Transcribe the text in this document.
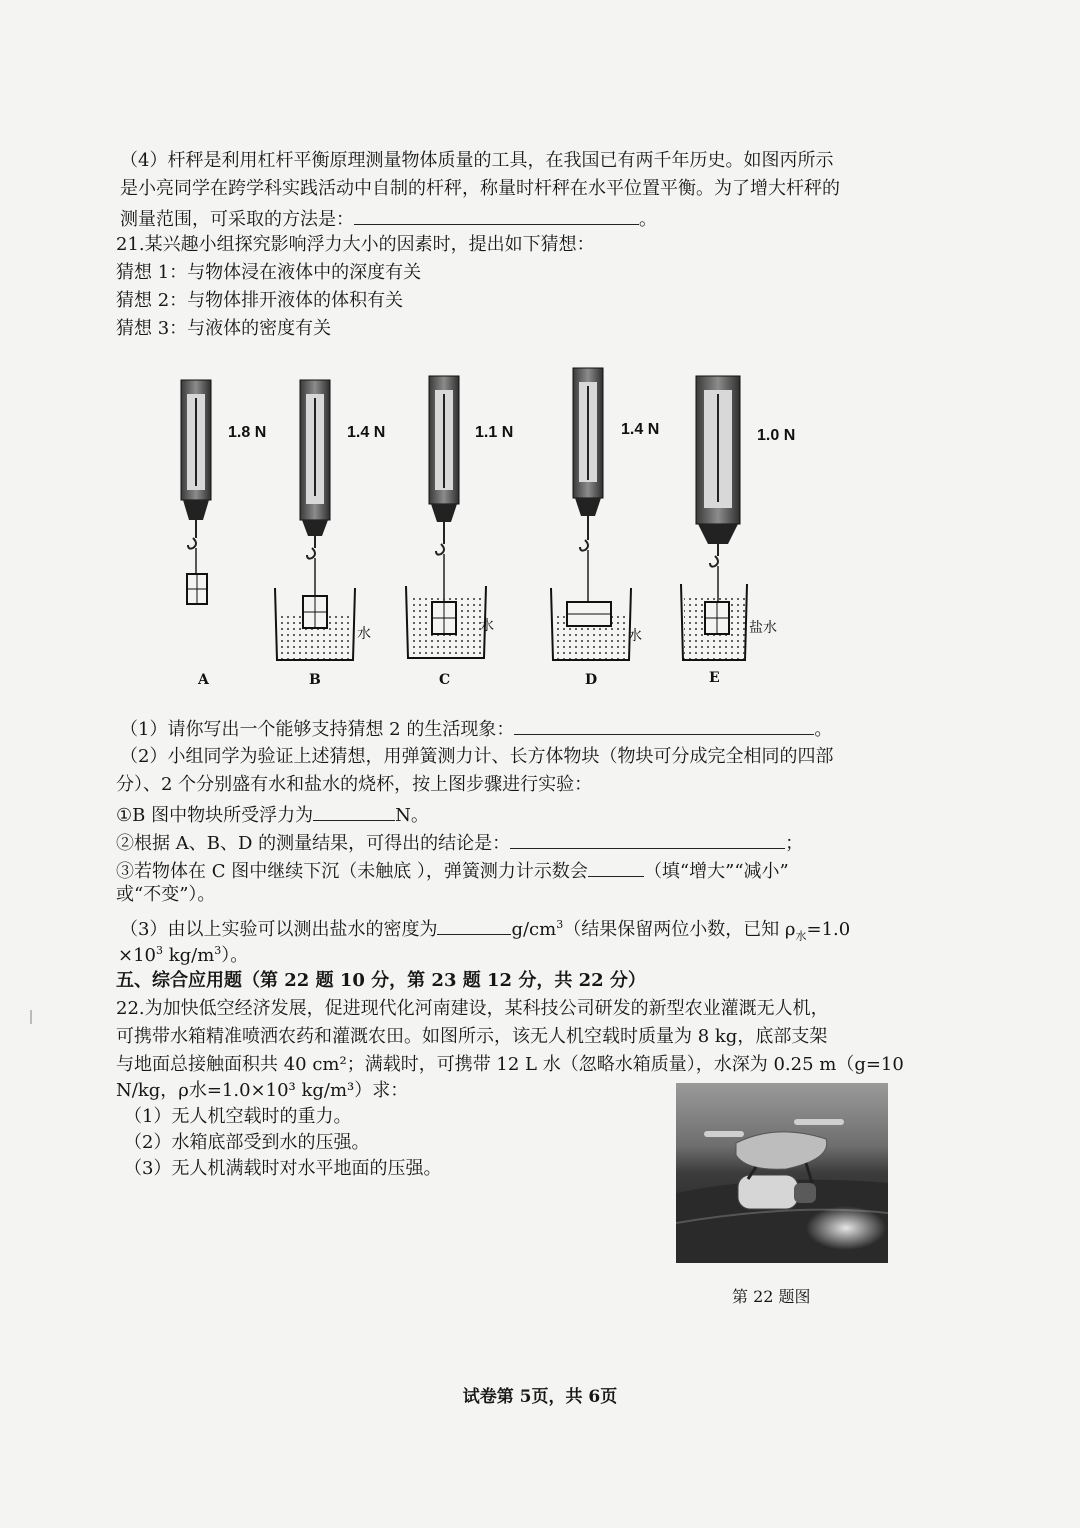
（4）杆秤是利用杠杆平衡原理测量物体质量的工具，在我国已有两千年历史。如图丙所示
是小亮同学在跨学科实践活动中自制的杆秤，称量时杆秤在水平位置平衡。为了增大杆秤的
测量范围，可采取的方法是：	。
21.某兴趣小组探究影响浮力大小的因素时，提出如下猜想：
猜想 1：与物体浸在液体中的深度有关
猜想 2：与物体排开液体的体积有关
猜想 3：与液体的密度有关
1.8 N	1.4 N	1.1 N	1.4 N	1.0 N
水	水
水	盐水
A	B	C	D	E
（1）请你写出一个能够支持猜想 2 的生活现象：	。
（2）小组同学为验证上述猜想，用弹簧测力计、长方体物块（物块可分成完全相同的四部
分）、2 个分别盛有水和盐水的烧杯，按上图步骤进行实验：
①B 图中物块所受浮力为	N。
②根据 A、B、D 的测量结果，可得出的结论是：	；
③若物体在 C 图中继续下沉（未触底 ），弹簧测力计示数会	（填“增大”“减小”
或“不变”）。
（3）由以上实验可以测出盐水的密度为	$g/cm^3$（结果保留两位小数，已知 $\rho_水=1.0$
$\times 10^3$ $kg/m^3$）。
五、综合应用题（第 22 题 10 分，第 23 题 12 分，共 22 分）
22.为加快低空经济发展，促进现代化河南建设，某科技公司研发的新型农业灌溉无人机，
可携带水箱精准喷洒农药和灌溉农田。如图所示，该无人机空载时质量为 8 kg，底部支架
与地面总接触面积共 40 cm²；满载时，可携带 12 L 水（忽略水箱质量），水深为 0.25 m（g=10
N/kg，ρ水=1.0×10³ kg/m³）求：
（1）无人机空载时的重力。
（2）水箱底部受到水的压强。
（3）无人机满载时对水平地面的压强。
第 22 题图
试卷第 5页，共 6页
